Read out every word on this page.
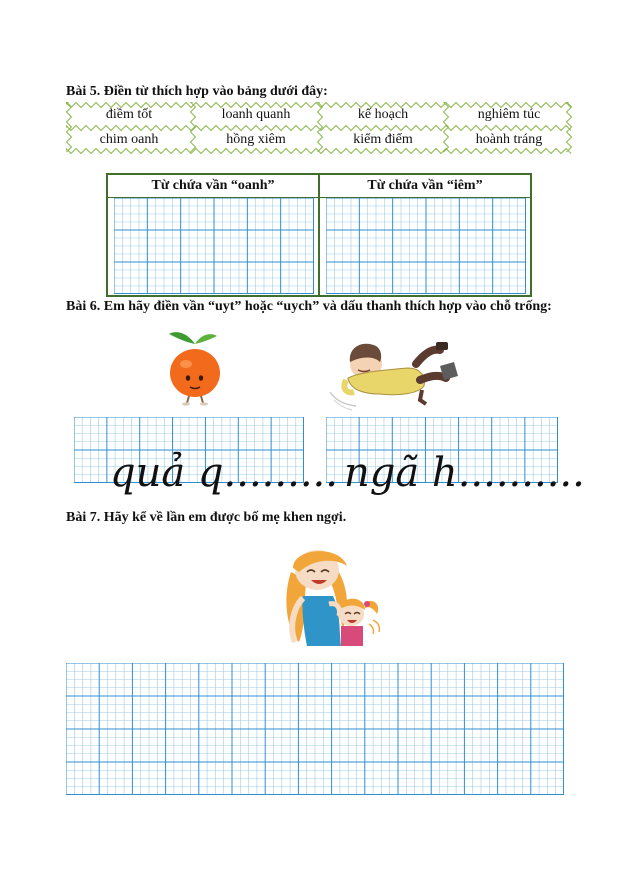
Bài 5. Điền từ thích hợp vào bảng dưới đây:
điềm tốt	loanh quanh	kế hoạch	nghiêm túc
chim oanh	hồng xiêm	kiểm điểm	hoành tráng
Từ chứa vần “oanh”	Từ chứa vần “iêm”
Bài 6. Em hãy điền vần “uyt” hoặc “uych” và dấu thanh thích hợp vào chỗ trống:
quả q......... ngã h..........
Bài 7. Hãy kể về lần em được bố mẹ khen ngợi.
